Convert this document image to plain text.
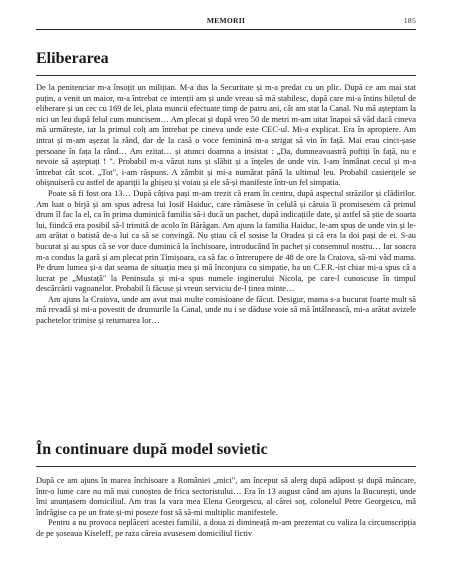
MEMORII	185
Eliberarea

De la penitenciar m-a însoțit un milițian. M-a dus la Securitate și m-a predat cu un plic. După ce am mai stat puțin, a venit un maior, m-a întrebat ce intenții am și unde vreau să mă stabilesc, după care mi-a întins biletul de eliberare și un cec cu 169 de lei, plata muncii efectuate timp de patru ani, cât am stat la Canal. Nu mă așteptam la nici un leu după felul cum muncisem… Am plecat și după vreo 50 de metri m-am uitat înapoi să văd dacă cineva mă urmărește, iar la primul colț am întrebat pe cineva unde este CEC-ul. Mi-a explicat. Era în apropiere. Am intrat și m-am așezat la rând, dar de la casă o voce feminină m-a strigat să vin în față. Mai erau cinci-șase persoane în fața la rând… Am ezitat… și atunci doamna a insistat : „Da, dumneavoastră poftiți în față, nu e nevoie să așteptați ! ". Probabil m-a văzut tuns și slăbit și a înțeles de unde vin. I-am înmânat cecul și m-a întrebat cât scot. „Tot", i-am răspuns. A zâmbit și mi-a numărat până la ultimul leu. Probabil casierițele se obișnuiseră cu astfel de apariții la ghișeu și voiau și ele să-și manifeste într-un fel simpatia.

Poate să fi fost ora 13… După câțiva pași m-am trezit că eram în centru, după aspectul străzilor și clădirilor. Am luat o birjă și am spus adresa lui Iosif Haiduc, care rămăsese în celulă și căruia îi promisesem că primul drum îl fac la el, ca în prima duminică familia să-i ducă un pachet, după indicațiile date, și astfel să știe de soarta lui, fiindcă era posibil să-l trimită de acolo în Bărăgan. Am ajuns la familia Haiduc, le-am spus de unde vin și le-am arătat o batistă de-a lui ca să se convingă. Nu știau că el sosise la Oradea și că era la doi pași de ei. S-au bucurat și au spus că se vor duce duminică la închisoare, introducând în pachet și consemnul nostru… Iar soacra m-a condus la gară și am plecat prin Timișoara, ca să fac o întrerupere de 48 de ore la Craiova, să-mi văd mama. Pe drum lumea și-a dat seama de situația mea și mă înconjura cu simpatie, ba un C.F.R.-ist chiar mi-a spus că a lucrat pe „Mustață" la Peninsula și mi-a spus numele inginerului Nicola, pe care-l cunoscuse în timpul descărcării vagoanelor. Probabil îi făcuse și vreun serviciu de-l ținea minte…

Am ajuns la Craiova, unde am avut mai multe comisioane de făcut. Desigur, mama s-a bucurat foarte mult să mă revadă și mi-a povestit de drumurile la Canal, unde nu i se dăduse voie să mă întâlnească, mi-a arătat avizele pachetelor trimise și returnarea lor…

În continuare după model sovietic

După ce am ajuns în marea închisoare a României „mici", am început să alerg după adăpost și după mâncare, într-o lume care nu mă mai cunoștea de frica sectoristului… Era în 13 august când am ajuns la București, unde îmi anunțasem domiciliul. Am tras la vara mea Elena Georgescu, al cărei soț, colonelul Petre Georgescu, mă îndrăgise ca pe un frate și-mi poseze fost să să-mi multiplic manifestele.

Pentru a nu provoca neplăceri acestei familii, a doua zi dimineață m-am prezentat cu valiza la circumscripția de pe șoseaua Kiseleff, pe raza căreia avusesem domiciliul fictiv
